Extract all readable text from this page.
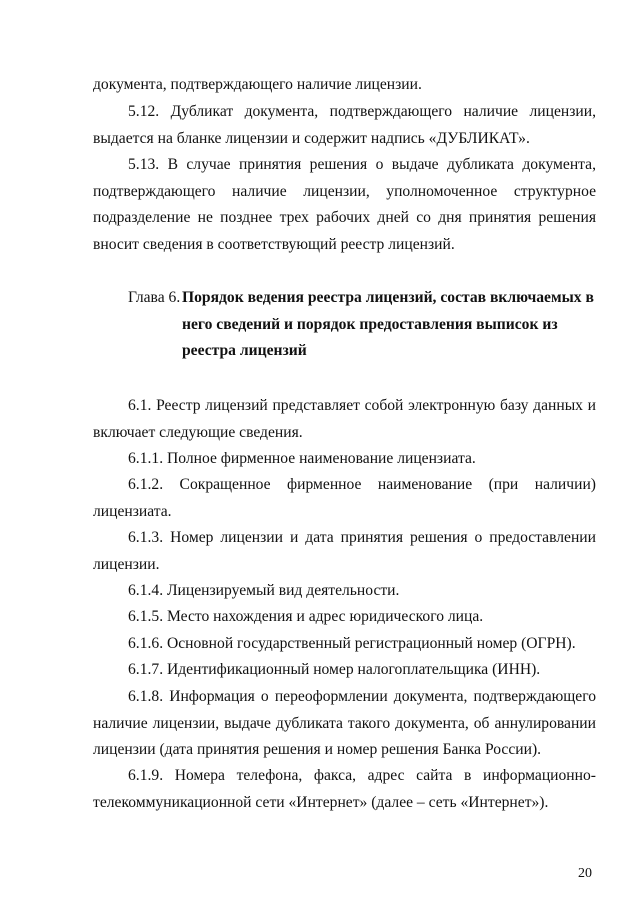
документа, подтверждающего наличие лицензии.
5.12. Дубликат документа, подтверждающего наличие лицензии, выдается на бланке лицензии и содержит надпись «ДУБЛИКАТ».
5.13. В случае принятия решения о выдаче дубликата документа, подтверждающего наличие лицензии, уполномоченное структурное подразделение не позднее трех рабочих дней со дня принятия решения вносит сведения в соответствующий реестр лицензий.
Глава 6. Порядок ведения реестра лицензий, состав включаемых в
него сведений и порядок предоставления выписок из
реестра лицензий
6.1. Реестр лицензий представляет собой электронную базу данных и включает следующие сведения.
6.1.1. Полное фирменное наименование лицензиата.
6.1.2. Сокращенное фирменное наименование (при наличии) лицензиата.
6.1.3. Номер лицензии и дата принятия решения о предоставлении лицензии.
6.1.4. Лицензируемый вид деятельности.
6.1.5. Место нахождения и адрес юридического лица.
6.1.6. Основной государственный регистрационный номер (ОГРН).
6.1.7. Идентификационный номер налогоплательщика (ИНН).
6.1.8. Информация о переоформлении документа, подтверждающего наличие лицензии, выдаче дубликата такого документа, об аннулировании лицензии (дата принятия решения и номер решения Банка России).
6.1.9. Номера телефона, факса, адрес сайта в информационно-телекоммуникационной сети «Интернет» (далее – сеть «Интернет»).
20
